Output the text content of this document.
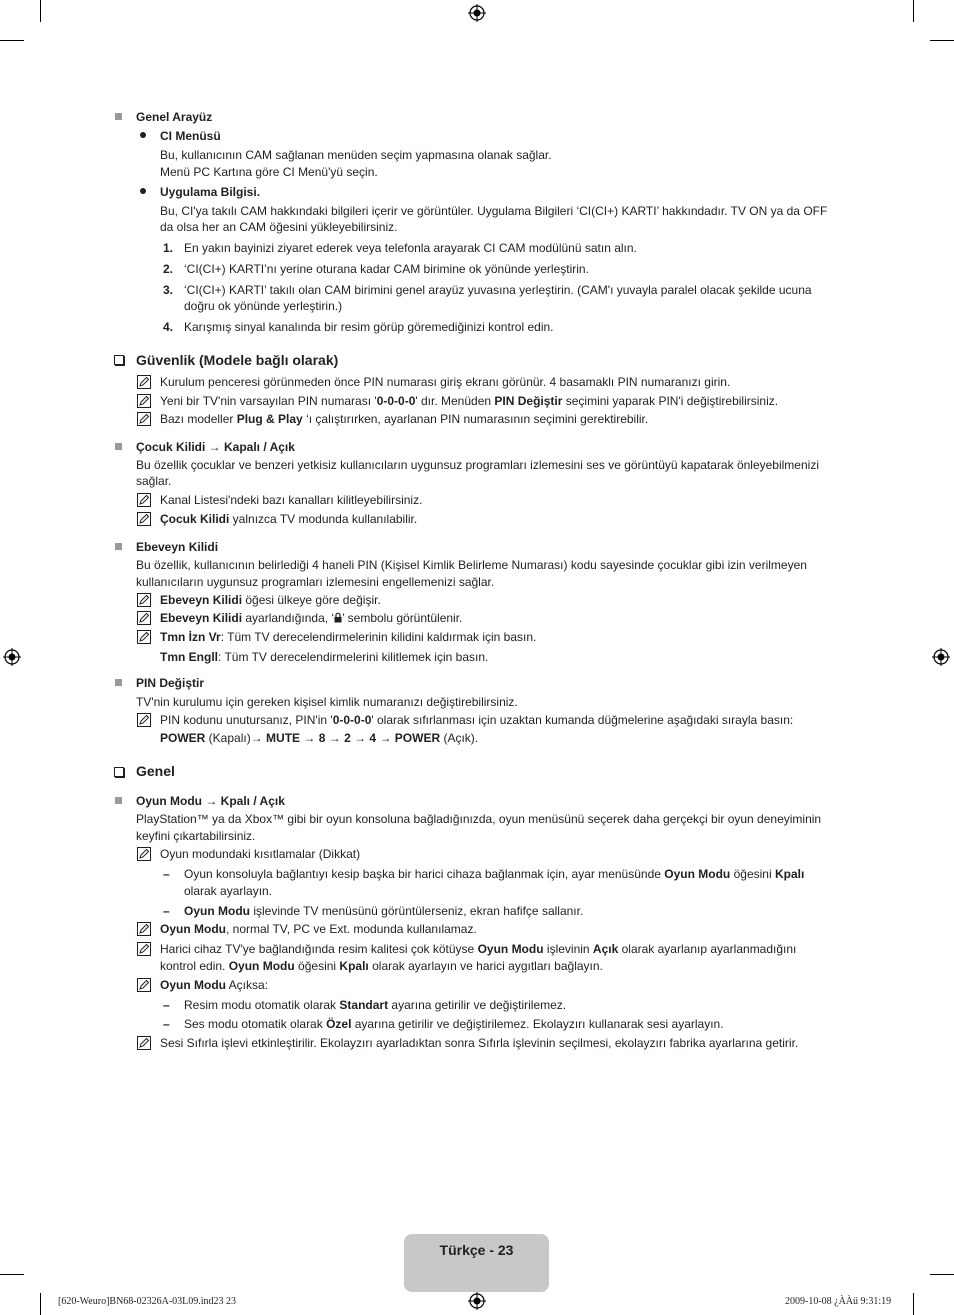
Genel Arayüz
CI Menüsü
Bu, kullanıcının CAM sağlanan menüden seçim yapmasına olanak sağlar.
Menü PC Kartına göre CI Menü'yü seçin.
Uygulama Bilgisi.
Bu, CI'ya takılı CAM hakkındaki bilgileri içerir ve görüntüler. Uygulama Bilgileri ‘CI(CI+) KARTI’ hakkındadır. TV ON ya da OFF
da olsa her an CAM öğesini yükleyebilirsiniz.
1. En yakın bayinizi ziyaret ederek veya telefonla arayarak CI CAM modülünü satın alın.
2. ‘CI(CI+) KARTI’nı yerine oturana kadar CAM birimine ok yönünde yerleştirin.
3. ‘CI(CI+) KARTI’ takılı olan CAM birimini genel arayüz yuvasına yerleştirin. (CAM'ı yuvayla paralel olacak şekilde ucuna
doğru ok yönünde yerleştirin.)
4. Karışmış sinyal kanalında bir resim görüp göremediğinizi kontrol edin.
Güvenlik (Modele bağlı olarak)
Kurulum penceresi görünmeden önce PIN numarası giriş ekranı görünür. 4 basamaklı PIN numaranızı girin.
Yeni bir TV'nin varsayılan PIN numarası '0-0-0-0' dır. Menüden PIN Değiştir seçimini yaparak PIN'i değiştirebilirsiniz.
Bazı modeller Plug & Play ‘ı çalıştırırken, ayarlanan PIN numarasının seçimini gerektirebilir.
Çocuk Kilidi → Kapalı / Açık
Bu özellik çocuklar ve benzeri yetkisiz kullanıcıların uygunsuz programları izlemesini ses ve görüntüyü kapatarak önleyebilmenizi
sağlar.
Kanal Listesi'ndeki bazı kanalları kilitleyebilirsiniz.
Çocuk Kilidi yalnızca TV modunda kullanılabilir.
Ebeveyn Kilidi
Bu özellik, kullanıcının belirlediği 4 haneli PIN (Kişisel Kimlik Belirleme Numarası) kodu sayesinde çocuklar gibi izin verilmeyen
kullanıcıların uygunsuz programları izlemesini engellemenizi sağlar.
Ebeveyn Kilidi öğesi ülkeye göre değişir.
Ebeveyn Kilidi ayarlandığında, ‘ ’ sembolu görüntülenir.
Tmn İzn Vr: Tüm TV derecelendirmelerinin kilidini kaldırmak için basın.
Tmn Engll: Tüm TV derecelendirmelerini kilitlemek için basın.
PIN Değiştir
TV'nin kurulumu için gereken kişisel kimlik numaranızı değiştirebilirsiniz.
PIN kodunu unutursanız, PIN'in '0-0-0-0' olarak sıfırlanması için uzaktan kumanda düğmelerine aşağıdaki sırayla basın:
POWER (Kapalı)→ MUTE → 8 → 2 → 4 → POWER (Açık).
Genel
Oyun Modu → Kpalı / Açık
PlayStation™ ya da Xbox™ gibi bir oyun konsoluna bağladığınızda, oyun menüsünü seçerek daha gerçekçi bir oyun deneyiminin
keyfini çıkartabilirsiniz.
Oyun modundaki kısıtlamalar (Dikkat)
– Oyun konsoluyla bağlantıyı kesip başka bir harici cihaza bağlanmak için, ayar menüsünde Oyun Modu öğesini Kpalı
olarak ayarlayın.
– Oyun Modu işlevinde TV menüsünü görüntülerseniz, ekran hafifçe sallanır.
Oyun Modu, normal TV, PC ve Ext. modunda kullanılamaz.
Harici cihaz TV'ye bağlandığında resim kalitesi çok kötüyse Oyun Modu işlevinin Açık olarak ayarlanıp ayarlanmadığını
kontrol edin. Oyun Modu öğesini Kpalı olarak ayarlayın ve harici aygıtları bağlayın.
Oyun Modu Açıksa:
– Resim modu otomatik olarak Standart ayarına getirilir ve değiştirilemez.
– Ses modu otomatik olarak Özel ayarına getirilir ve değiştirilemez. Ekolayzırı kullanarak sesi ayarlayın.
Sesi Sıfırla işlevi etkinleştirilir. Ekolayzırı ayarladıktan sonra Sıfırla işlevinin seçilmesi, ekolayzırı fabrika ayarlarına getirir.
Türkçe - 23
[620-Weuro]BN68-02326A-03L09.ind23 23	2009-10-08 ¿ÀÀü 9:31:19
